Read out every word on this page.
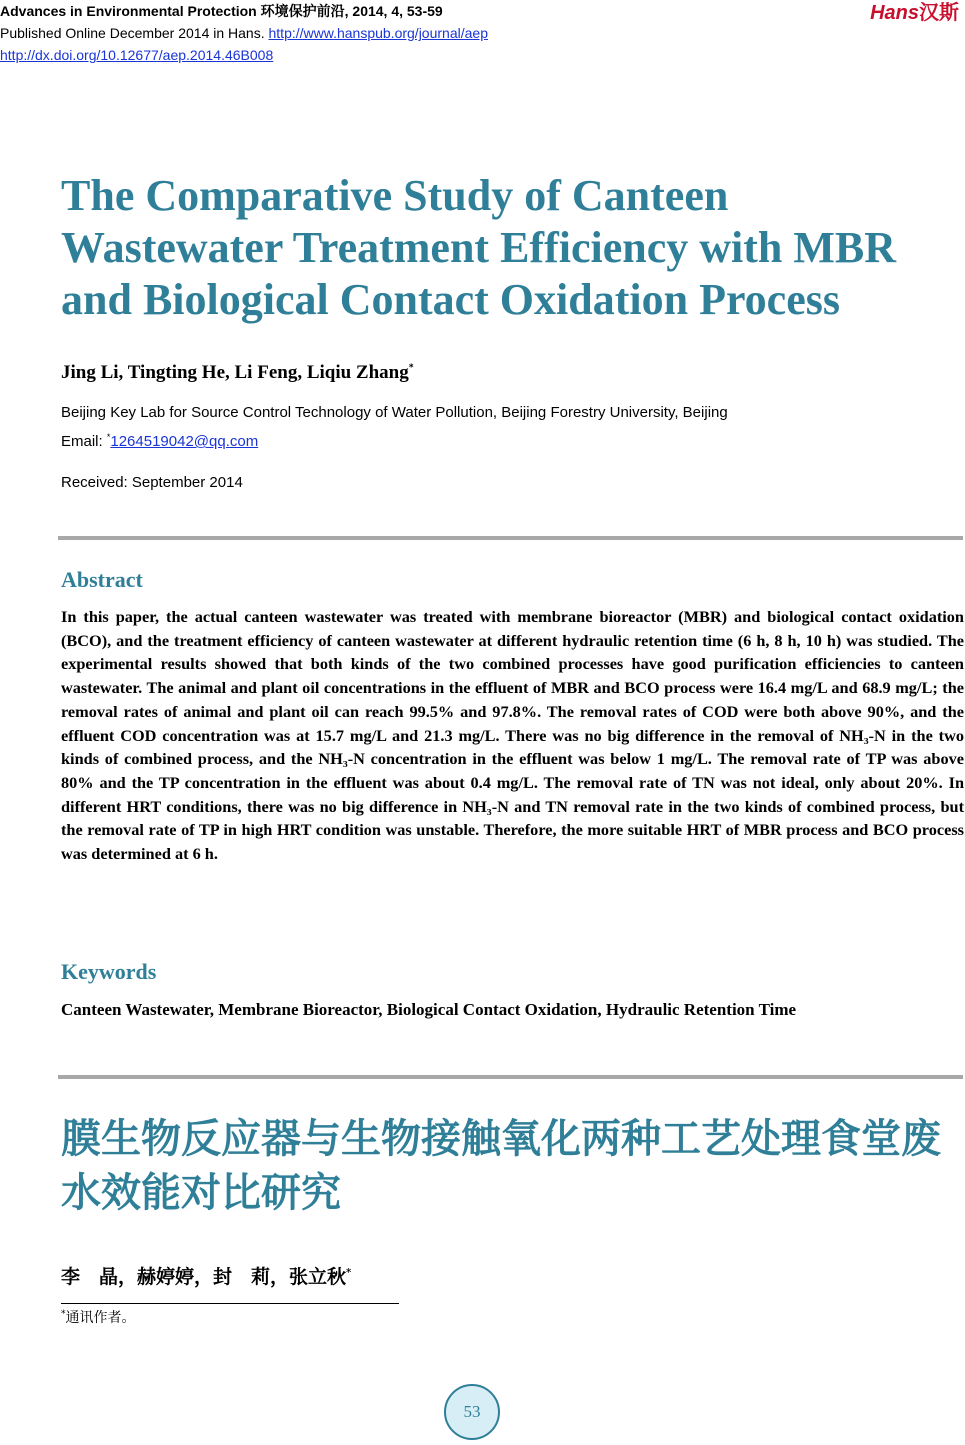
Advances in Environmental Protection 环境保护前沿, 2014, 4, 53-59
Published Online December 2014 in Hans. http://www.hanspub.org/journal/aep
http://dx.doi.org/10.12677/aep.2014.46B008
Hans汉斯
The Comparative Study of Canteen Wastewater Treatment Efficiency with MBR and Biological Contact Oxidation Process
Jing Li, Tingting He, Li Feng, Liqiu Zhang*
Beijing Key Lab for Source Control Technology of Water Pollution, Beijing Forestry University, Beijing
Email: *1264519042@qq.com
Received: September 2014
Abstract

In this paper, the actual canteen wastewater was treated with membrane bioreactor (MBR) and biological contact oxidation (BCO), and the treatment efficiency of canteen wastewater at different hydraulic retention time (6 h, 8 h, 10 h) was studied. The experimental results showed that both kinds of the two combined processes have good purification efficiencies to canteen wastewater. The animal and plant oil concentrations in the effluent of MBR and BCO process were 16.4 mg/L and 68.9 mg/L; the removal rates of animal and plant oil can reach 99.5% and 97.8%. The removal rates of COD were both above 90%, and the effluent COD concentration was at 15.7 mg/L and 21.3 mg/L. There was no big difference in the removal of NH₃-N in the two kinds of combined process, and the NH₃-N concentration in the effluent was below 1 mg/L. The removal rate of TP was above 80% and the TP concentration in the effluent was about 0.4 mg/L. The removal rate of TN was not ideal, only about 20%. In different HRT conditions, there was no big difference in NH₃-N and TN removal rate in the two kinds of combined process, but the removal rate of TP in high HRT condition was unstable. Therefore, the more suitable HRT of MBR process and BCO process was determined at 6 h.

Keywords

Canteen Wastewater, Membrane Bioreactor, Biological Contact Oxidation, Hydraulic Retention Time

膜生物反应器与生物接触氧化两种工艺处理食堂废水效能对比研究
李　晶，赫婷婷，封　莉，张立秋*
*通讯作者。
53
